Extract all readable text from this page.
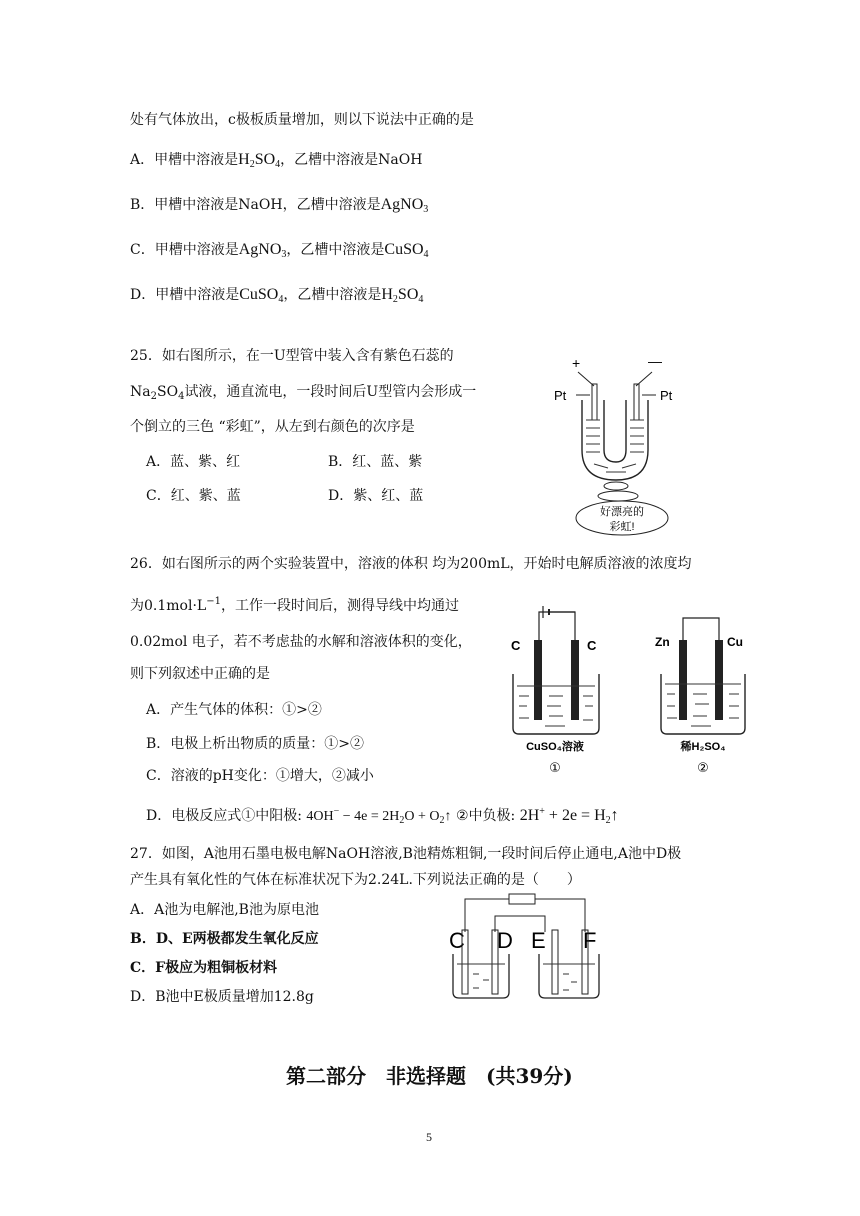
处有气体放出，c极板质量增加，则以下说法中正确的是
A．甲槽中溶液是$H_2SO_4$，乙槽中溶液是NaOH
B．甲槽中溶液是NaOH，乙槽中溶液是AgNO$_3$
C．甲槽中溶液是AgNO$_3$，乙槽中溶液是CuSO$_4$
D．甲槽中溶液是CuSO$_4$，乙槽中溶液是$H_2SO_4$
25．如右图所示，在一U型管中装入含有紫色石蕊的
$Na_2SO_4$试液，通直流电，一段时间后U型管内会形成一
个倒立的三色 “彩虹”，从左到右颜色的次序是
A．蓝、紫、红	B．红、蓝、紫
C．红、紫、蓝	D．紫、红、蓝
+	—
Pt	Pt
好漂亮的
彩虹!
26．如右图所示的两个实验装置中，溶液的体积 均为200mL，开始时电解质溶液的浓度均
为$0.1mol\cdot L^{-1}$，工作一段时间后，测得导线中均通过
0.02mol 电子，若不考虑盐的水解和溶液体积的变化，
则下列叙述中正确的是
A．产生气体的体积：①>②
B．电极上析出物质的质量：①>②
C．溶液的pH变化：①增大，②减小
D．电极反应式①中阳极: $4OH^- - 4e = 2H_2O$ + $O_2↑$ ②中负极: $2H^+ + 2e = H_2↑$
C	C
CuSO₄溶液
①
Zn	Cu
稀H₂SO₄
②
27．如图，A池用石墨电极电解NaOH溶液,B池精炼粗铜,一段时间后停止通电,A池中D极
产生具有氧化性的气体在标准状况下为2.24L.下列说法正确的是（　　）
A．A池为电解池,B池为原电池
B．D、E两极都发生氧化反应
C．F极应为粗铜板材料
D．B池中E极质量增加12.8g
C D E F
第二部分　非选择题　(共39分)
5
